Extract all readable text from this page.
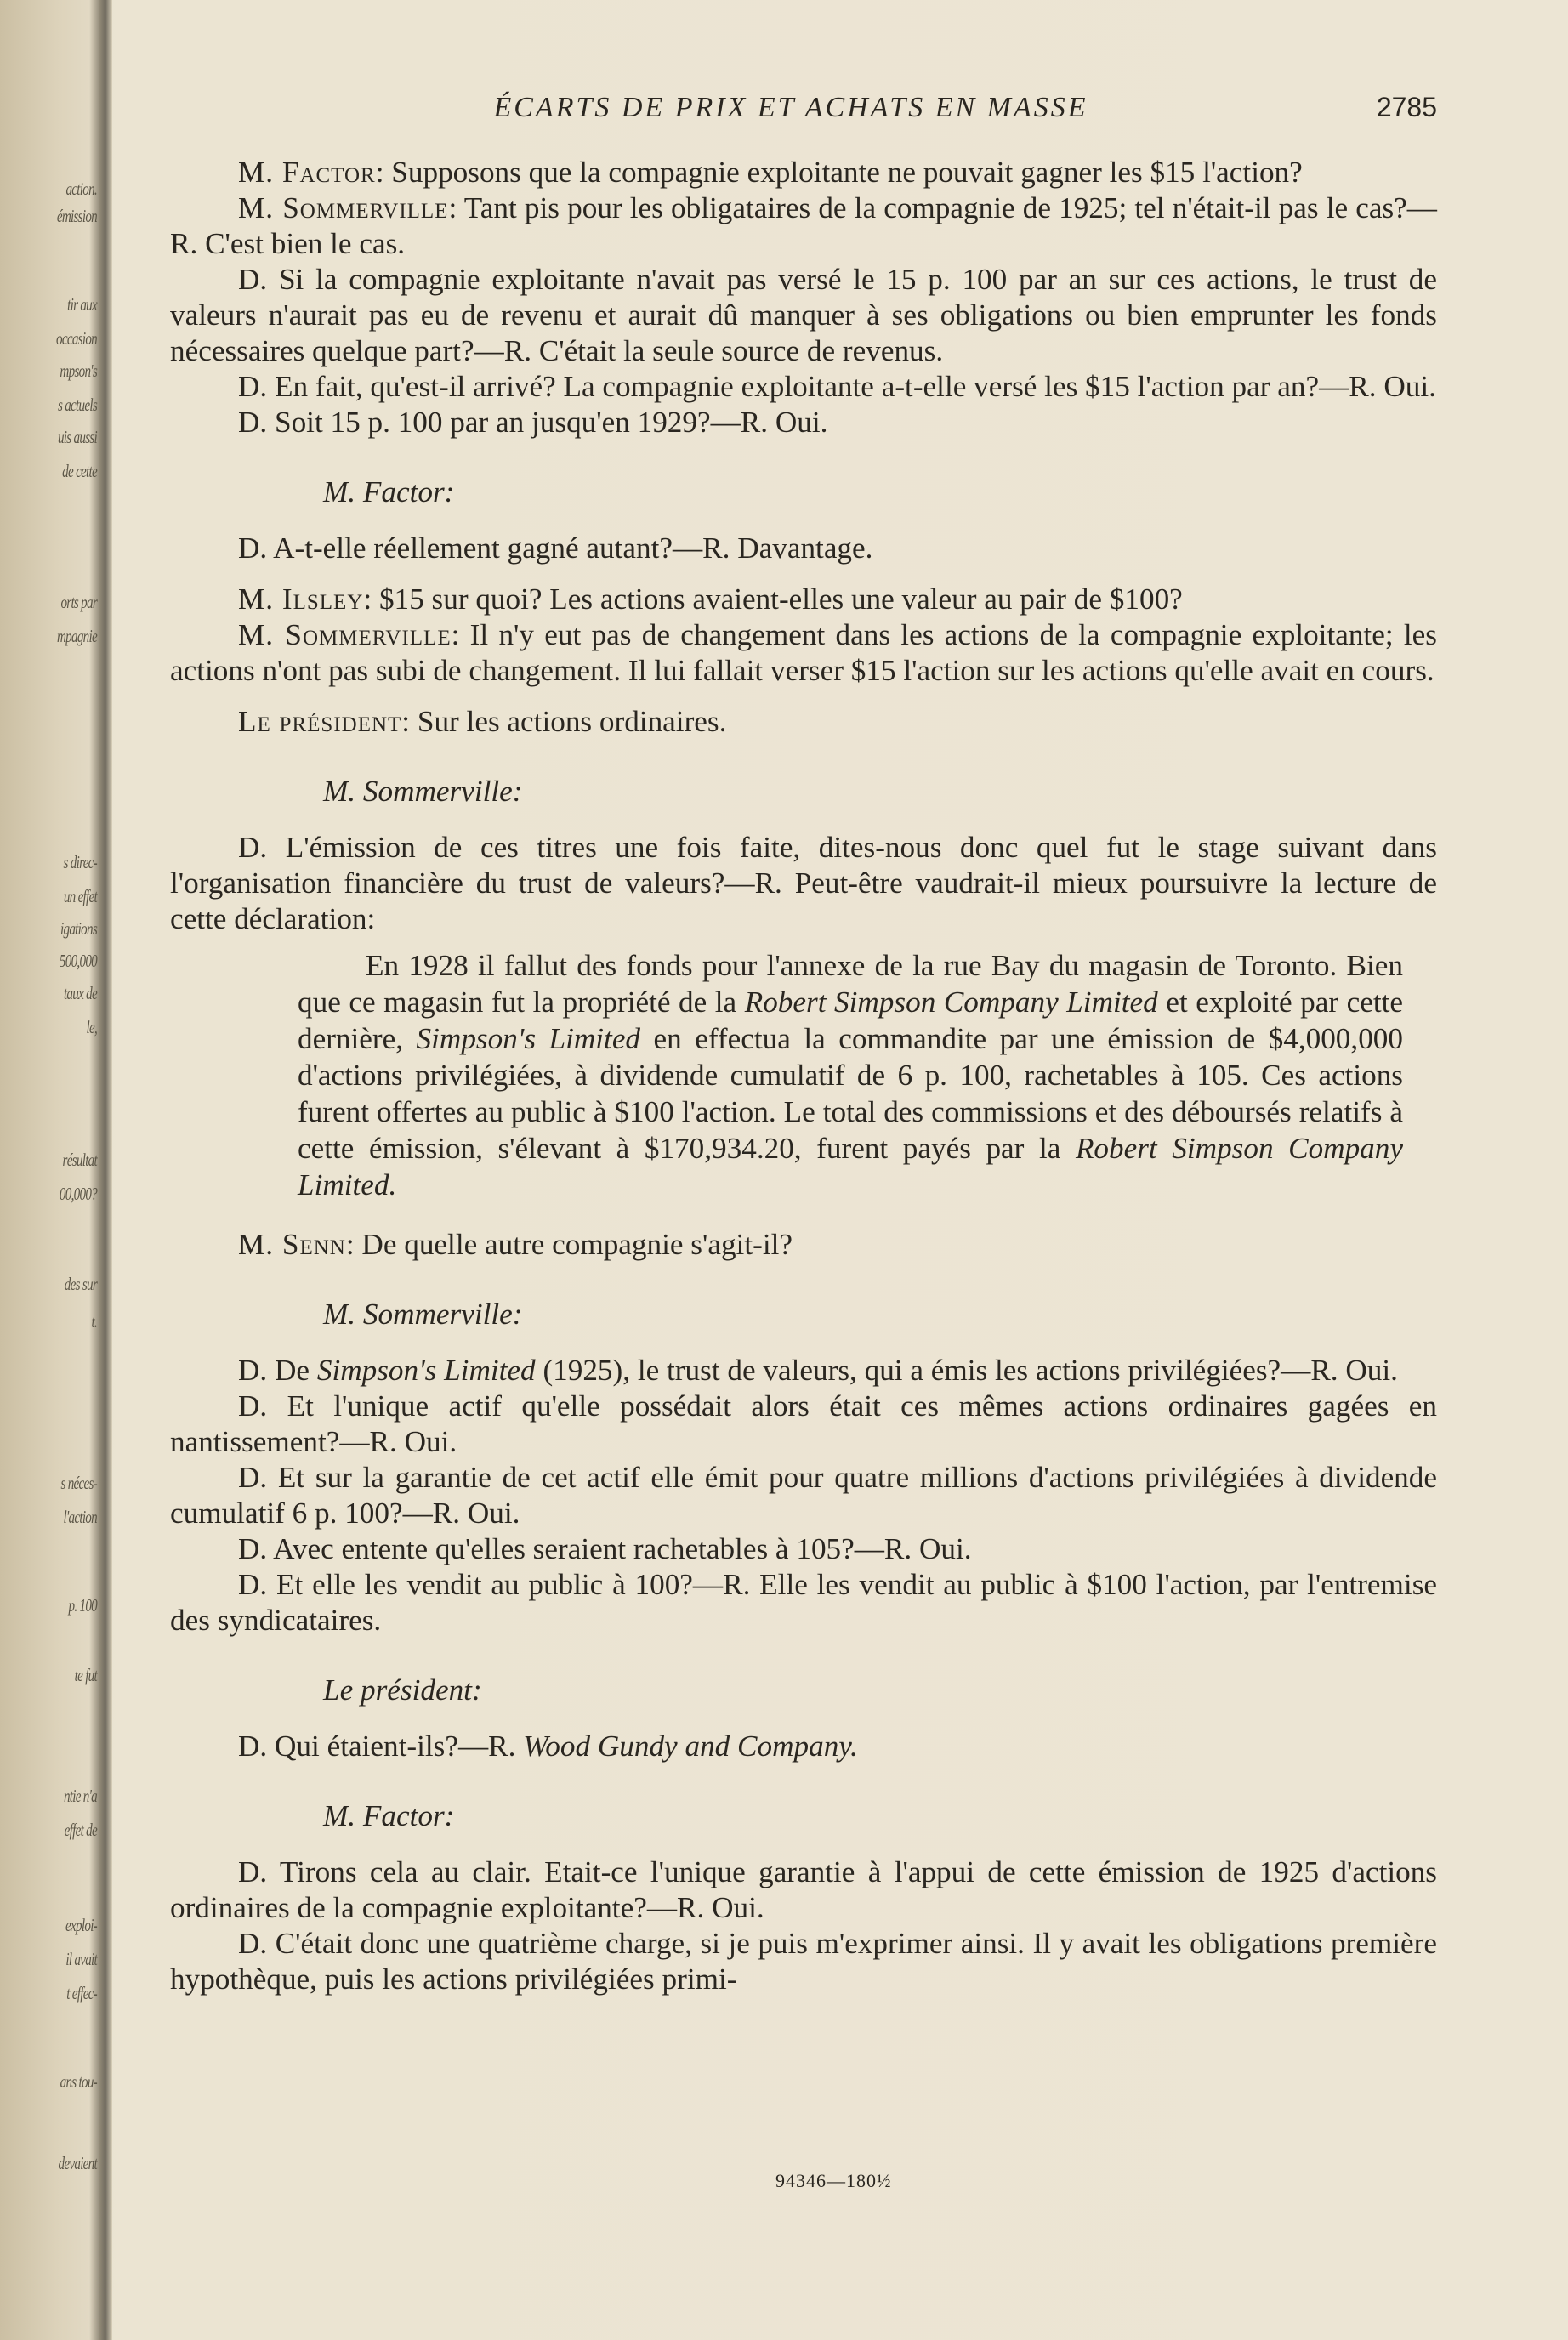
action.
émission
tir aux
occasion
mpson's
s actuels
uis aussi
de cette
orts par
mpagnie
s direc-
un effet
igations
500,000
taux de
le,
résultat
00,000?
des sur
t.
s néces-
l'action
p. 100
te fut
ntie n'a
effet de
exploi-
il avait
t effec-
ans tou-
devaient
ÉCARTS DE PRIX ET ACHATS EN MASSE	2785

M. Factor: Supposons que la compagnie exploitante ne pouvait gagner les $15 l'action?

M. Sommerville: Tant pis pour les obligataires de la compagnie de 1925; tel n'était-il pas le cas?—R. C'est bien le cas.

D. Si la compagnie exploitante n'avait pas versé le 15 p. 100 par an sur ces actions, le trust de valeurs n'aurait pas eu de revenu et aurait dû manquer à ses obligations ou bien emprunter les fonds nécessaires quelque part?—R. C'était la seule source de revenus.

D. En fait, qu'est-il arrivé? La compagnie exploitante a-t-elle versé les $15 l'action par an?—R. Oui.

D. Soit 15 p. 100 par an jusqu'en 1929?—R. Oui.

M. Factor:

D. A-t-elle réellement gagné autant?—R. Davantage.

M. Ilsley: $15 sur quoi? Les actions avaient-elles une valeur au pair de $100?

M. Sommerville: Il n'y eut pas de changement dans les actions de la compagnie exploitante; les actions n'ont pas subi de changement. Il lui fallait verser $15 l'action sur les actions qu'elle avait en cours.

Le président: Sur les actions ordinaires.

M. Sommerville:

D. L'émission de ces titres une fois faite, dites-nous donc quel fut le stage suivant dans l'organisation financière du trust de valeurs?—R. Peut-être vaudrait-il mieux poursuivre la lecture de cette déclaration:

En 1928 il fallut des fonds pour l'annexe de la rue Bay du magasin de Toronto. Bien que ce magasin fut la propriété de la Robert Simpson Company Limited et exploité par cette dernière, Simpson's Limited en effectua la commandite par une émission de $4,000,000 d'actions privilégiées, à dividende cumulatif de 6 p. 100, rachetables à 105. Ces actions furent offertes au public à $100 l'action. Le total des commissions et des déboursés relatifs à cette émission, s'élevant à $170,934.20, furent payés par la Robert Simpson Company Limited.

M. Senn: De quelle autre compagnie s'agit-il?

M. Sommerville:

D. De Simpson's Limited (1925), le trust de valeurs, qui a émis les actions privilégiées?—R. Oui.

D. Et l'unique actif qu'elle possédait alors était ces mêmes actions ordinaires gagées en nantissement?—R. Oui.

D. Et sur la garantie de cet actif elle émit pour quatre millions d'actions privilégiées à dividende cumulatif 6 p. 100?—R. Oui.

D. Avec entente qu'elles seraient rachetables à 105?—R. Oui.

D. Et elle les vendit au public à 100?—R. Elle les vendit au public à $100 l'action, par l'entremise des syndicataires.

Le président:

D. Qui étaient-ils?—R. Wood Gundy and Company.

M. Factor:

D. Tirons cela au clair. Etait-ce l'unique garantie à l'appui de cette émission de 1925 d'actions ordinaires de la compagnie exploitante?—R. Oui.

D. C'était donc une quatrième charge, si je puis m'exprimer ainsi. Il y avait les obligations première hypothèque, puis les actions privilégiées primi-

94346—180½
